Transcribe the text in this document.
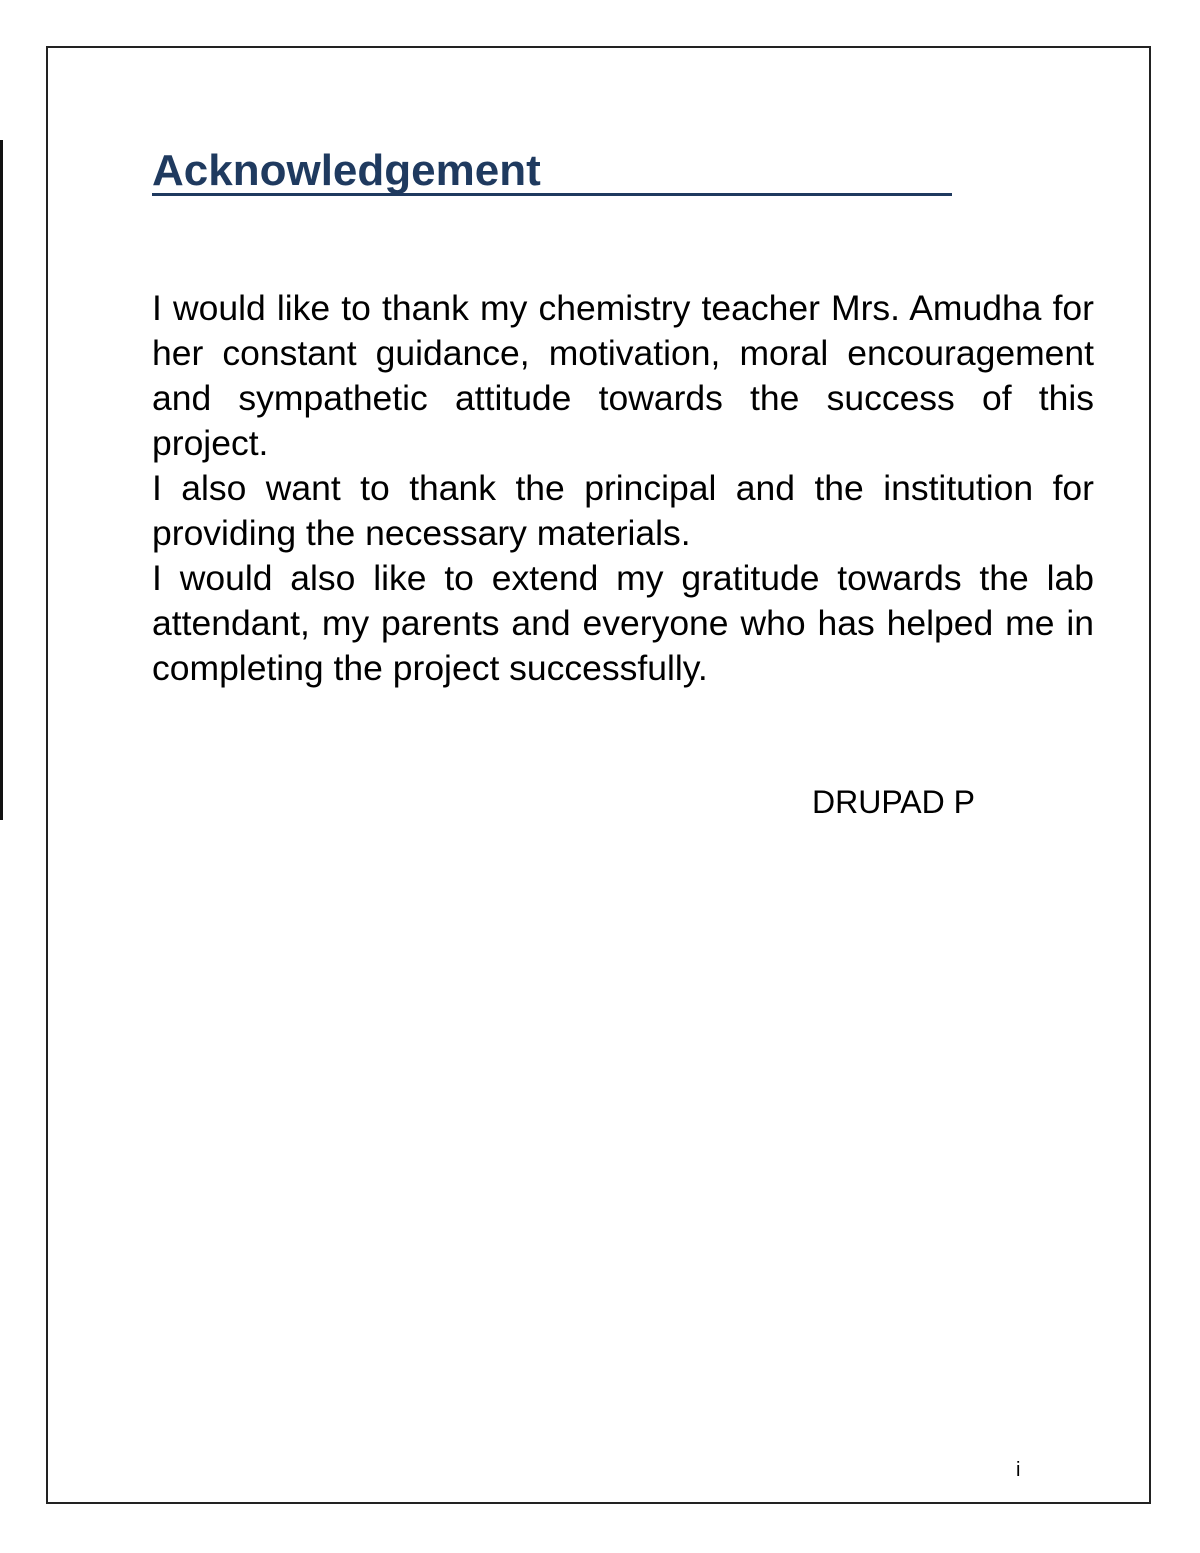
Acknowledgement

I would like to thank my chemistry teacher Mrs. Amudha for her constant guidance, motivation, moral encouragement and sympathetic attitude towards the success of this project.

I also want to thank the principal and the institution for providing the necessary materials.

I would also like to extend my gratitude towards the lab attendant, my parents and everyone who has helped me in completing the project successfully.

DRUPAD P
i
